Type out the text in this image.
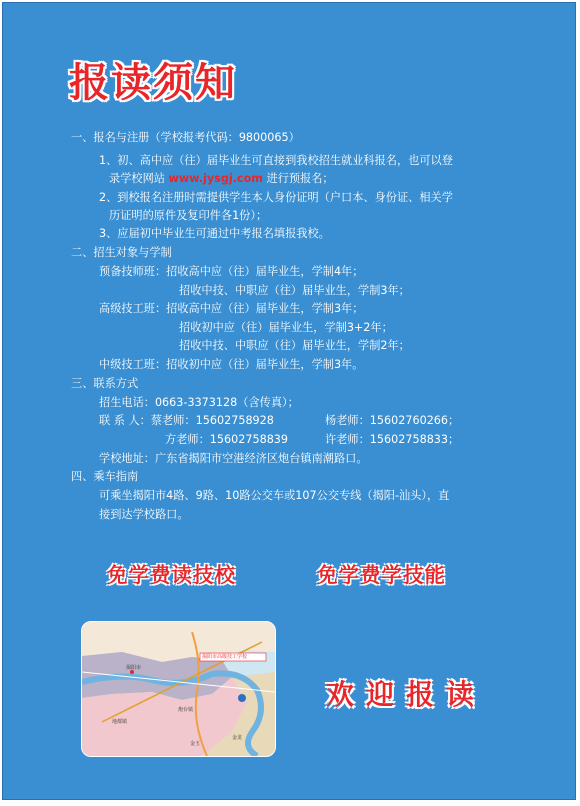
报读须知
一、报名与注册（学校报考代码：9800065）
1、初、高中应（往）届毕业生可直接到我校招生就业科报名，也可以登
录学校网站 www.jysgj.com 进行预报名；
2、到校报名注册时需提供学生本人身份证明（户口本、身份证、相关学
历证明的原件及复印件各1份）；
3、应届初中毕业生可通过中考报名填报我校。
二、招生对象与学制
预备技师班：招收高中应（往）届毕业生，学制4年；
招收中技、中职应（往）届毕业生，学制3年；
高级技工班：招收高中应（往）届毕业生，学制3年；
招收初中应（往）届毕业生，学制3+2年；
招收中技、中职应（往）届毕业生，学制2年；
中级技工班：招收初中应（往）届毕业生，学制3年。
三、联系方式
招生电话：0663-3373128（含传真）；
联 系 人：蔡老师：15602758928	杨老师：15602760266；
方老师：15602758839	许老师：15602758833；
学校地址：广东省揭阳市空港经济区炮台镇南潮路口。
四、乘车指南
可乘坐揭阳市4路、9路、10路公交车或107公交专线（揭阳-汕头），直
接到达学校路口。
免学费读技校	免学费学技能
揭阳市高级技工学校
揭阳市
炮台镇
地都镇
金龙
金玉
欢迎报读
